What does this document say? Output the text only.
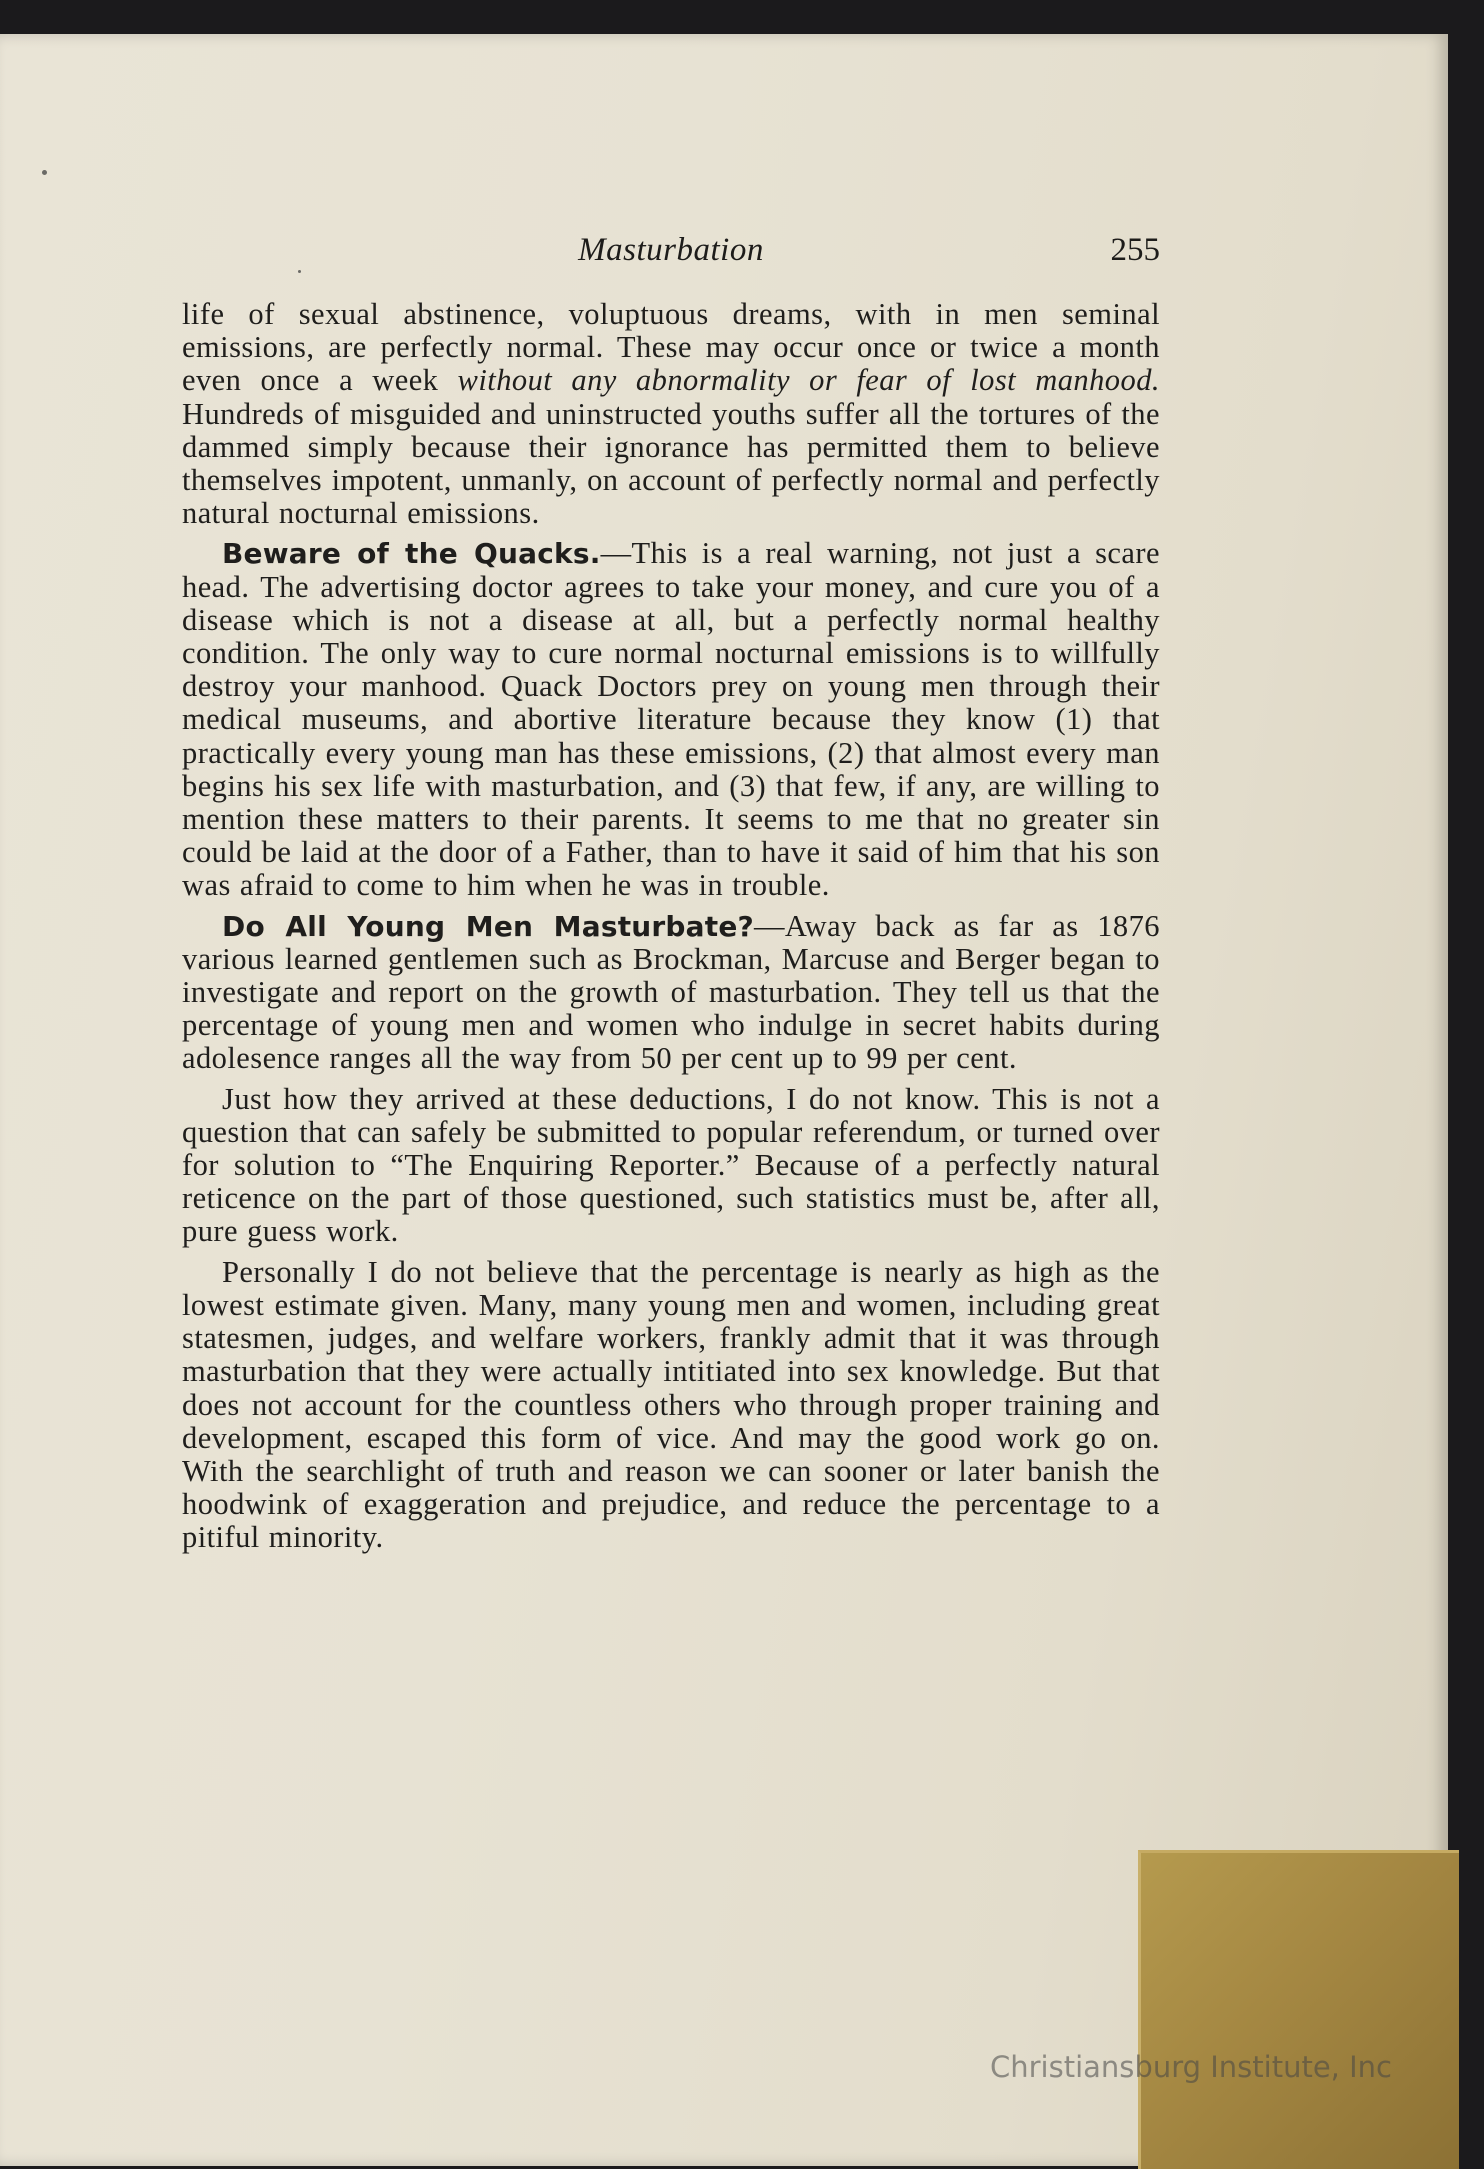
Masturbation	255

life of sexual abstinence, voluptuous dreams, with in men seminal emissions, are perfectly normal. These may occur once or twice a month even once a week without any abnormality or fear of lost manhood. Hundreds of misguided and uninstructed youths suffer all the tortures of the dammed simply because their ignorance has permitted them to believe themselves impotent, unmanly, on account of perfectly normal and perfectly natural nocturnal emissions.

Beware of the Quacks.—This is a real warning, not just a scare head. The advertising doctor agrees to take your money, and cure you of a disease which is not a disease at all, but a perfectly normal healthy condition. The only way to cure normal nocturnal emissions is to willfully destroy your manhood. Quack Doctors prey on young men through their medical museums, and abortive literature because they know (1) that practically every young man has these emissions, (2) that almost every man begins his sex life with masturbation, and (3) that few, if any, are willing to mention these matters to their parents. It seems to me that no greater sin could be laid at the door of a Father, than to have it said of him that his son was afraid to come to him when he was in trouble.

Do All Young Men Masturbate?—Away back as far as 1876 various learned gentlemen such as Brockman, Marcuse and Berger began to investigate and report on the growth of masturbation. They tell us that the percentage of young men and women who indulge in secret habits during adolesence ranges all the way from 50 per cent up to 99 per cent.

Just how they arrived at these deductions, I do not know. This is not a question that can safely be submitted to popular referendum, or turned over for solution to “The Enquiring Reporter.” Because of a perfectly natural reticence on the part of those questioned, such statistics must be, after all, pure guess work.

Personally I do not believe that the percentage is nearly as high as the lowest estimate given. Many, many young men and women, including great statesmen, judges, and welfare workers, frankly admit that it was through masturbation that they were actually intitiated into sex knowledge. But that does not account for the countless others who through proper training and development, escaped this form of vice. And may the good work go on. With the searchlight of truth and reason we can sooner or later banish the hoodwink of exaggeration and prejudice, and reduce the percentage to a pitiful minority.

Christiansburg Institute, Inc
